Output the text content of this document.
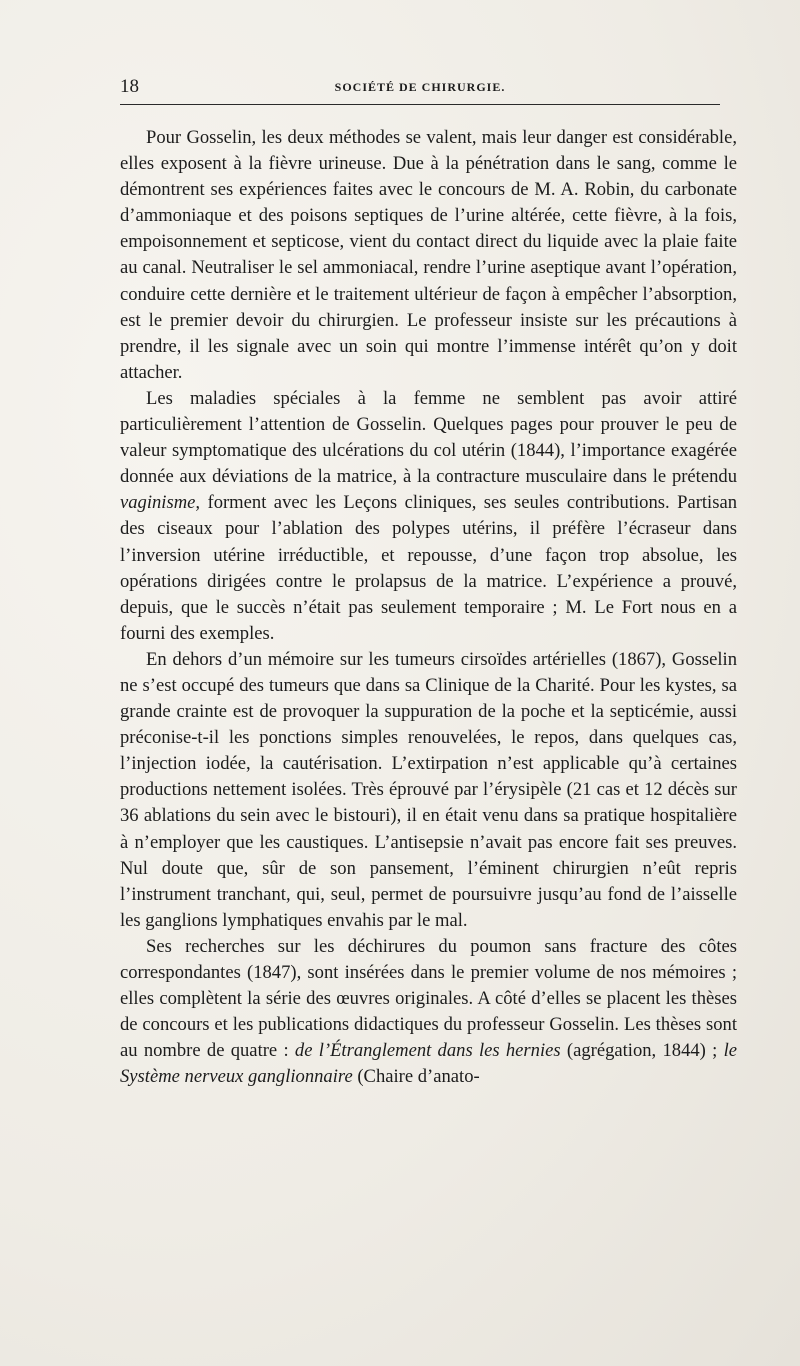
18	SOCIÉTÉ DE CHIRURGIE.

Pour Gosselin, les deux méthodes se valent, mais leur danger est considérable, elles exposent à la fièvre urineuse. Due à la pénétration dans le sang, comme le démontrent ses expériences faites avec le concours de M. A. Robin, du carbonate d’ammoniaque et des poisons septiques de l’urine altérée, cette fièvre, à la fois, empoisonnement et septicose, vient du contact direct du liquide avec la plaie faite au canal. Neutraliser le sel ammoniacal, rendre l’urine aseptique avant l’opération, conduire cette dernière et le traitement ultérieur de façon à empêcher l’absorption, est le premier devoir du chirurgien. Le professeur insiste sur les précautions à prendre, il les signale avec un soin qui montre l’immense intérêt qu’on y doit attacher.

Les maladies spéciales à la femme ne semblent pas avoir attiré particulièrement l’attention de Gosselin. Quelques pages pour prouver le peu de valeur symptomatique des ulcérations du col utérin (1844), l’importance exagérée donnée aux déviations de la matrice, à la contracture musculaire dans le prétendu vaginisme, forment avec les Leçons cliniques, ses seules contributions. Partisan des ciseaux pour l’ablation des polypes utérins, il préfère l’écraseur dans l’inversion utérine irréductible, et repousse, d’une façon trop absolue, les opérations dirigées contre le prolapsus de la matrice. L’expérience a prouvé, depuis, que le succès n’était pas seulement temporaire ; M. Le Fort nous en a fourni des exemples.

En dehors d’un mémoire sur les tumeurs cirsoïdes artérielles (1867), Gosselin ne s’est occupé des tumeurs que dans sa Clinique de la Charité. Pour les kystes, sa grande crainte est de provoquer la suppuration de la poche et la septicémie, aussi préconise-t-il les ponctions simples renouvelées, le repos, dans quelques cas, l’injection iodée, la cautérisation. L’extirpation n’est applicable qu’à certaines productions nettement isolées. Très éprouvé par l’érysipèle (21 cas et 12 décès sur 36 ablations du sein avec le bistouri), il en était venu dans sa pratique hospitalière à n’employer que les caustiques. L’antisepsie n’avait pas encore fait ses preuves. Nul doute que, sûr de son pansement, l’éminent chirurgien n’eût repris l’instrument tranchant, qui, seul, permet de poursuivre jusqu’au fond de l’aisselle les ganglions lymphatiques envahis par le mal.

Ses recherches sur les déchirures du poumon sans fracture des côtes correspondantes (1847), sont insérées dans le premier volume de nos mémoires ; elles complètent la série des œuvres originales. A côté d’elles se placent les thèses de concours et les publications didactiques du professeur Gosselin. Les thèses sont au nombre de quatre : de l’Étranglement dans les hernies (agrégation, 1844) ; le Système nerveux ganglionnaire (Chaire d’anato-
